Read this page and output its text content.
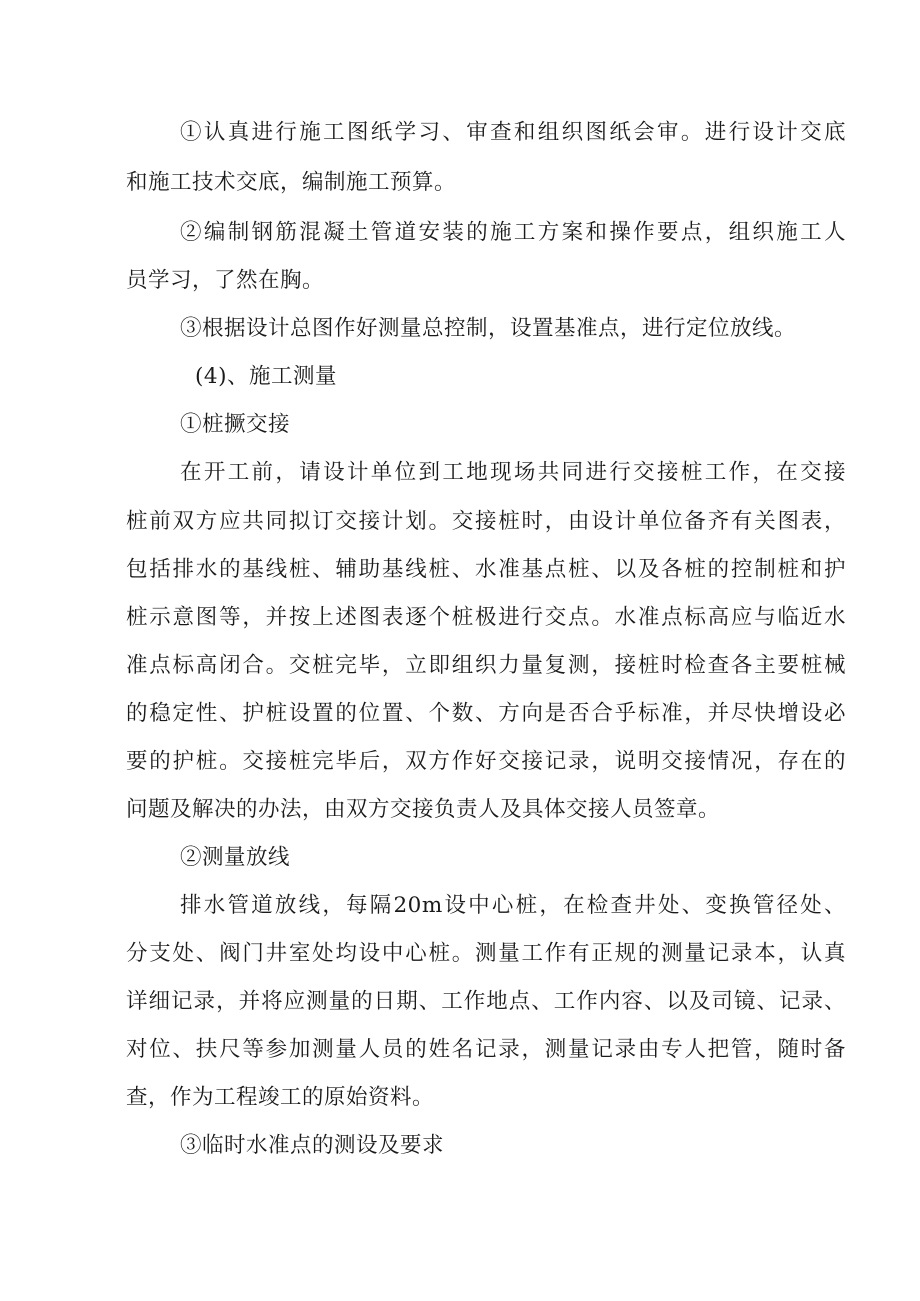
①认真进行施工图纸学习、审查和组织图纸会审。进行设计交底
和施工技术交底，编制施工预算。
②编制钢筋混凝土管道安装的施工方案和操作要点，组织施工人
员学习，了然在胸。
③根据设计总图作好测量总控制，设置基准点，进行定位放线。
(4)、施工测量
①桩撅交接
在开工前，请设计单位到工地现场共同进行交接桩工作，在交接
桩前双方应共同拟订交接计划。交接桩时，由设计单位备齐有关图表，
包括排水的基线桩、辅助基线桩、水准基点桩、以及各桩的控制桩和护
桩示意图等，并按上述图表逐个桩极进行交点。水准点标高应与临近水
准点标高闭合。交桩完毕，立即组织力量复测，接桩时检查各主要桩械
的稳定性、护桩设置的位置、个数、方向是否合乎标准，并尽快增设必
要的护桩。交接桩完毕后，双方作好交接记录，说明交接情况，存在的
问题及解决的办法，由双方交接负责人及具体交接人员签章。
②测量放线
排水管道放线，每隔20m设中心桩，在检查井处、变换管径处、
分支处、阀门井室处均设中心桩。测量工作有正规的测量记录本，认真
详细记录，并将应测量的日期、工作地点、工作内容、以及司镜、记录、
对位、扶尺等参加测量人员的姓名记录，测量记录由专人把管，随时备
查，作为工程竣工的原始资料。
③临时水准点的测设及要求
